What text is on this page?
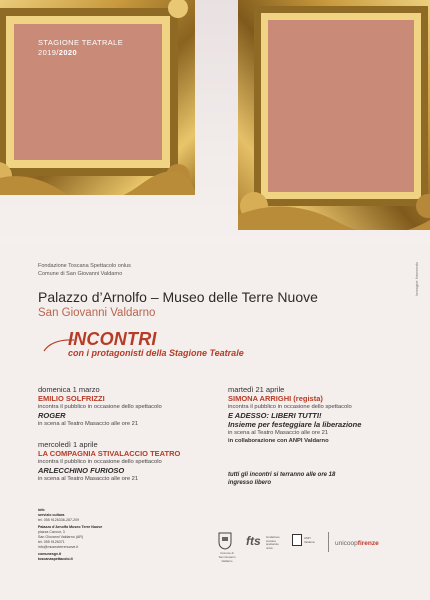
STAGIONE TEATRALE
2019/2020
Immagine: frammento
Fondazione Toscana Spettacolo onlus
Comune di San Giovanni Valdarno
Palazzo d’Arnolfo – Museo delle Terre Nuove
San Giovanni Valdarno
INCONTRI
con i protagonisti della Stagione Teatrale
domenica 1 marzo
EMILIO SOLFRIZZI
incontra il pubblico in occasione dello spettacolo
ROGER
in scena al Teatro Masaccio alle ore 21
mercoledì 1 aprile
LA COMPAGNIA STIVALACCIO TEATRO
incontra il pubblico in occasione dello spettacolo
ARLECCHINO FURIOSO
in scena al Teatro Masaccio alle ore 21
martedì 21 aprile
SIMONA ARRIGHI (regista)
incontra il pubblico in occasione dello spettacolo
E ADESSO: LIBERI TUTTI!
Insieme per festeggiare la liberazione
in scena al Teatro Masaccio alle ore 21
in collaborazione con ANPI Valdarno
tutti gli incontri si terranno alle ore 18
ingresso libero
info
servizio cultura
tel. 055 9126336-287-209
Palazzo d’Arnolfo Museo Terre Nuove
piazza Cavour, 3
San Giovanni Valdarno (AR)
tel. 055 9126371
info@museoterrenuove.it
comunesgv.it
toscanaspettacolo.it
Comune di San Giovanni Valdarno
fts fondazione toscana spettacolo onlus
ANPI Valdarno	unicoopfirenze
